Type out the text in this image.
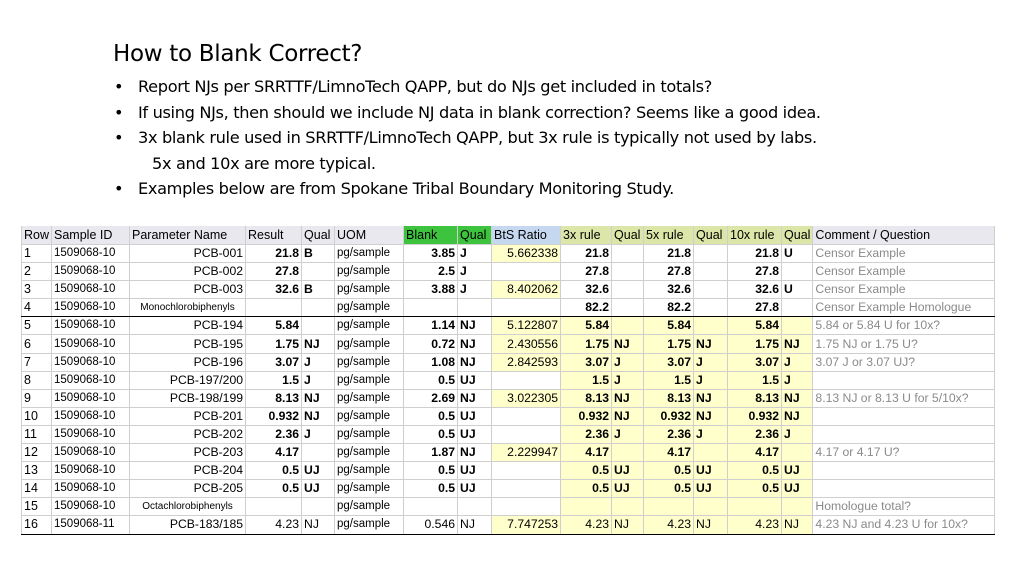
How to Blank Correct?
• Report NJs per SRRTTF/LimnoTech QAPP, but do NJs get included in totals?
• If using NJs, then should we include NJ data in blank correction? Seems like a good idea.
• 3x blank rule used in SRRTTF/LimnoTech QAPP, but 3x rule is typically not used by labs.
5x and 10x are more typical.
• Examples below are from Spokane Tribal Boundary Monitoring Study.
Row	Sample ID	Parameter Name	Result	Qual	UOM	Blank	Qual	BtS Ratio	3x rule	Qual	5x rule	Qual	10x rule	Qual	Comment / Question
1	1509068-10	PCB-001	21.8	B	pg/sample	3.85	J	5.662338	21.8		21.8		21.8	U	Censor Example
2	1509068-10	PCB-002	27.8		pg/sample	2.5	J		27.8		27.8		27.8		Censor Example
3	1509068-10	PCB-003	32.6	B	pg/sample	3.88	J	8.402062	32.6		32.6		32.6	U	Censor Example
4	1509068-10	Monochlorobiphenyls			pg/sample				82.2		82.2		27.8		Censor Example Homologue
5	1509068-10	PCB-194	5.84		pg/sample	1.14	NJ	5.122807	5.84		5.84		5.84		5.84 or 5.84 U for 10x?
6	1509068-10	PCB-195	1.75	NJ	pg/sample	0.72	NJ	2.430556	1.75	NJ	1.75	NJ	1.75	NJ	1.75 NJ or 1.75 U?
7	1509068-10	PCB-196	3.07	J	pg/sample	1.08	NJ	2.842593	3.07	J	3.07	J	3.07	J	3.07 J or 3.07 UJ?
8	1509068-10	PCB-197/200	1.5	J	pg/sample	0.5	UJ		1.5	J	1.5	J	1.5	J	
9	1509068-10	PCB-198/199	8.13	NJ	pg/sample	2.69	NJ	3.022305	8.13	NJ	8.13	NJ	8.13	NJ	8.13 NJ or 8.13 U for 5/10x?
10	1509068-10	PCB-201	0.932	NJ	pg/sample	0.5	UJ		0.932	NJ	0.932	NJ	0.932	NJ	
11	1509068-10	PCB-202	2.36	J	pg/sample	0.5	UJ		2.36	J	2.36	J	2.36	J	
12	1509068-10	PCB-203	4.17		pg/sample	1.87	NJ	2.229947	4.17		4.17		4.17		4.17 or 4.17 U?
13	1509068-10	PCB-204	0.5	UJ	pg/sample	0.5	UJ		0.5	UJ	0.5	UJ	0.5	UJ	
14	1509068-10	PCB-205	0.5	UJ	pg/sample	0.5	UJ		0.5	UJ	0.5	UJ	0.5	UJ	
15	1509068-10	Octachlorobiphenyls			pg/sample										Homologue total?
16	1509068-11	PCB-183/185	4.23	NJ	pg/sample	0.546	NJ	7.747253	4.23	NJ	4.23	NJ	4.23	NJ	4.23 NJ and 4.23 U for 10x?
